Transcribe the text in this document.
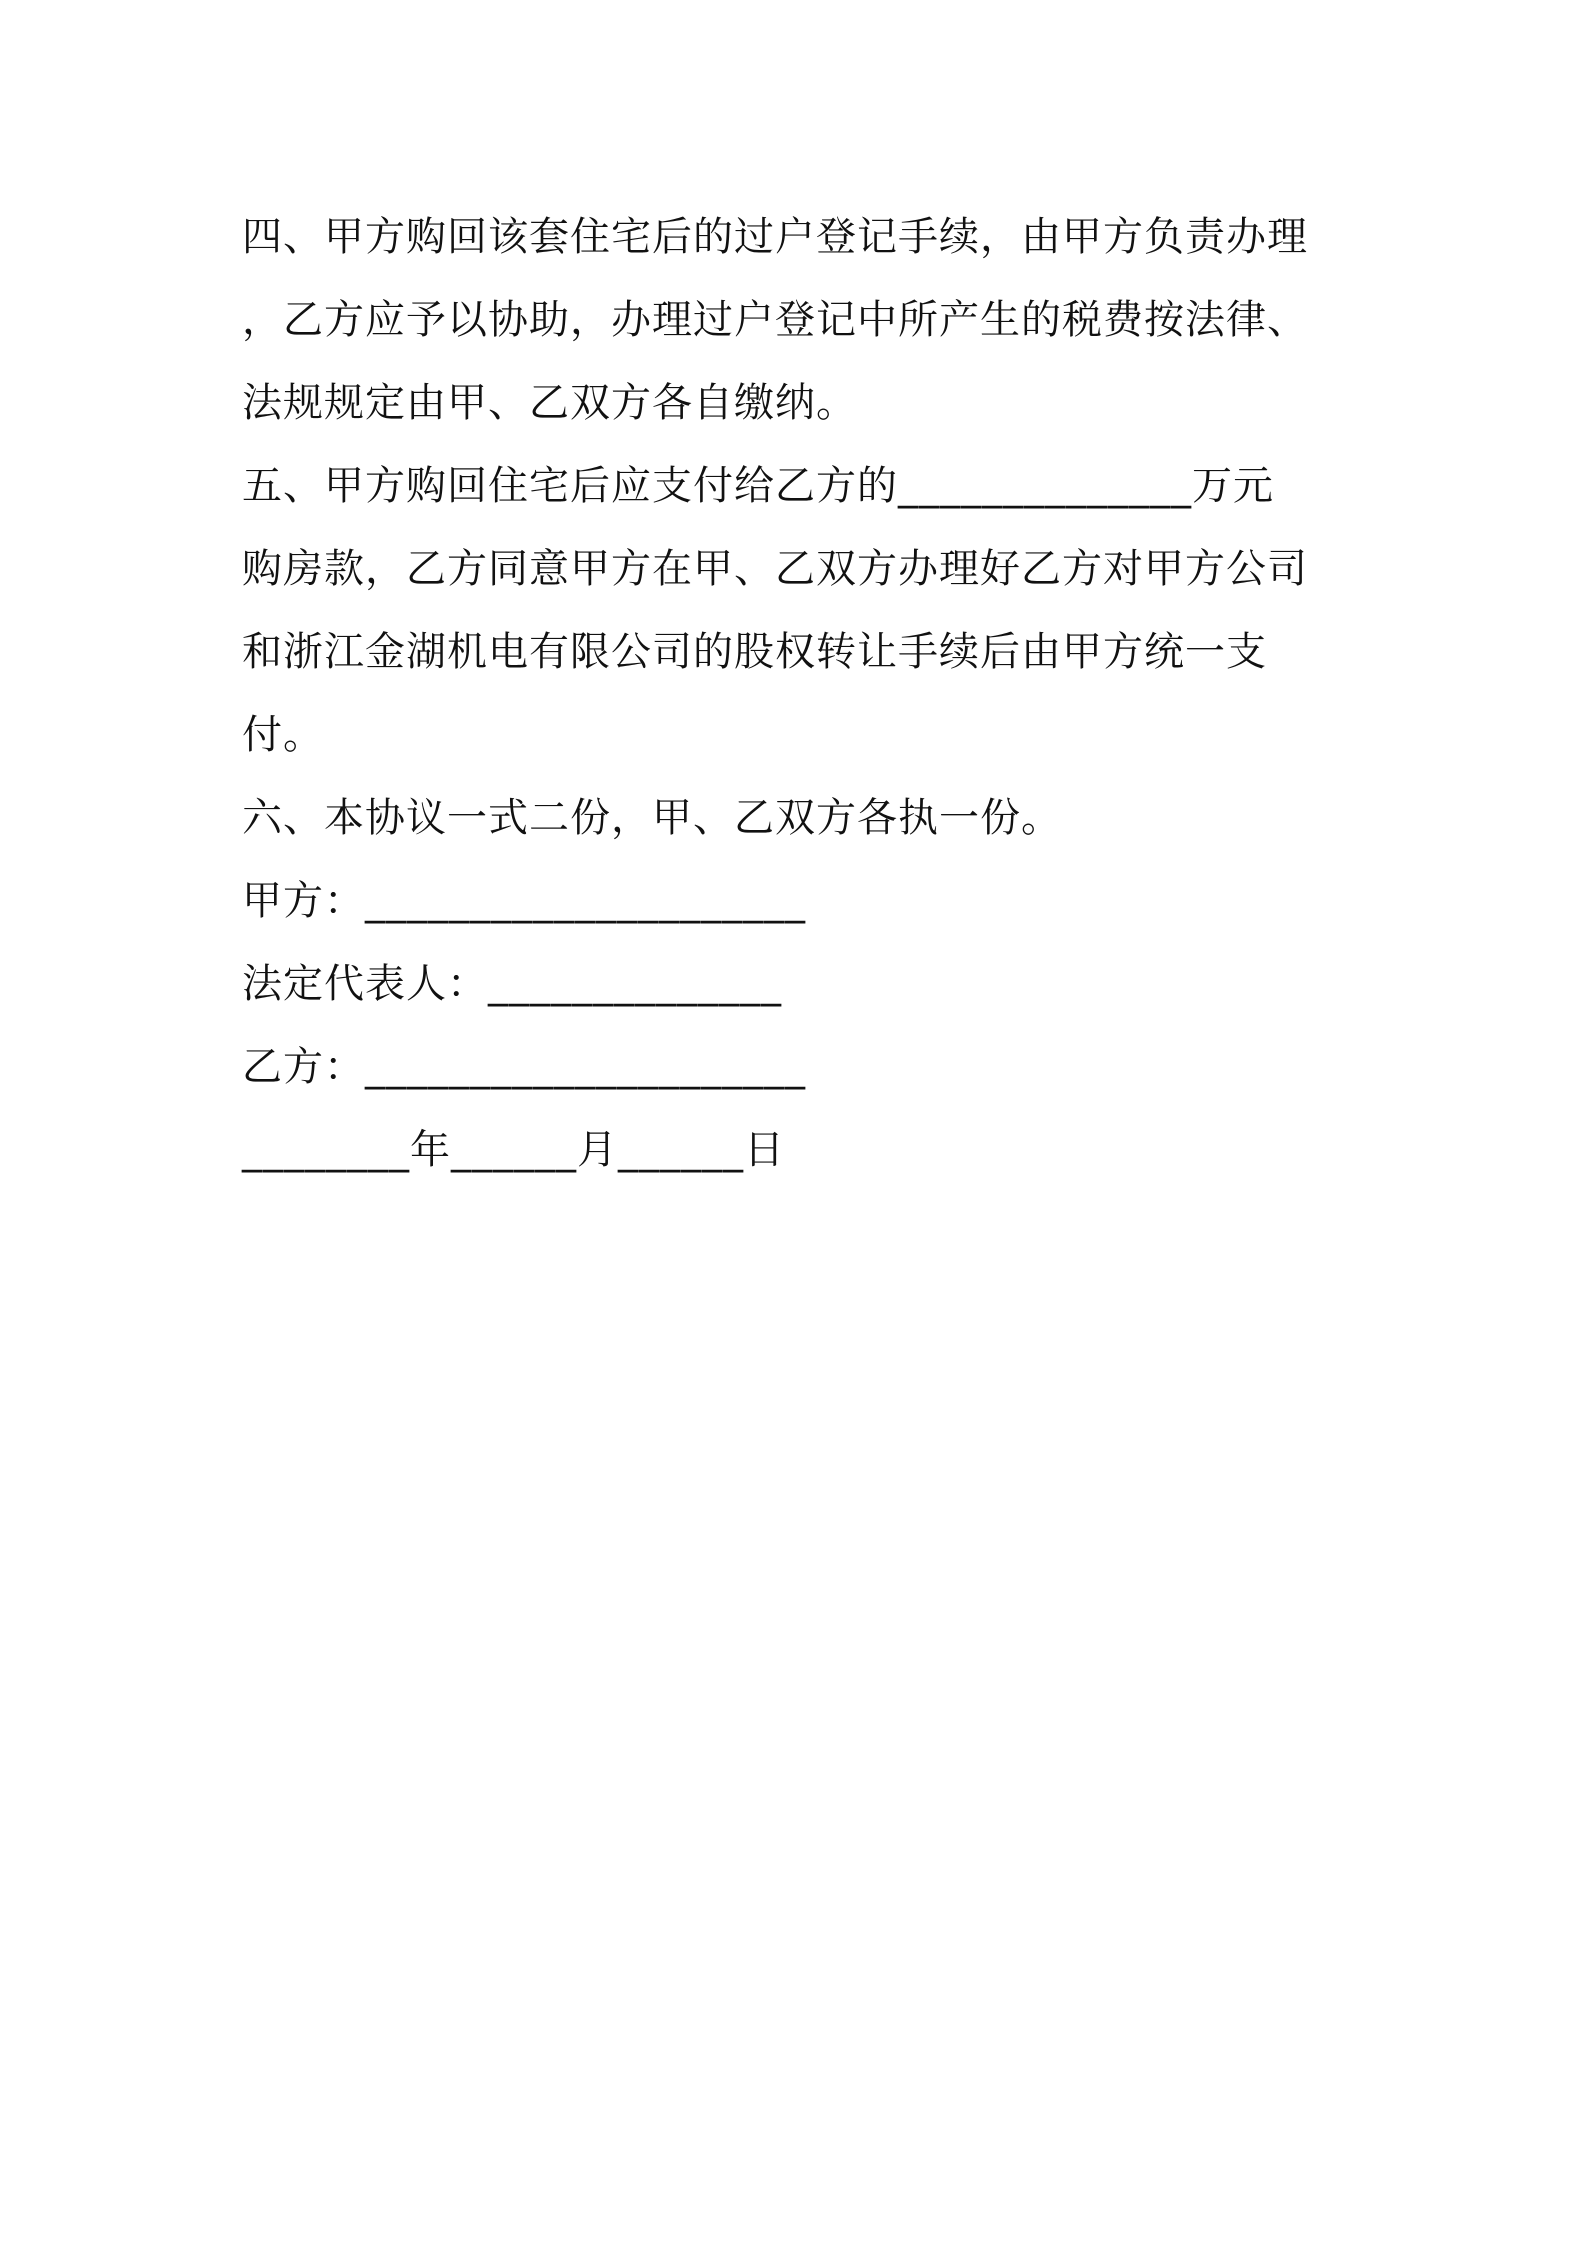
四、甲方购回该套住宅后的过户登记手续，由甲方负责办理
，乙方应予以协助，办理过户登记中所产生的税费按法律、
法规规定由甲、乙双方各自缴纳。
五、甲方购回住宅后应支付给乙方的______________万元
购房款，乙方同意甲方在甲、乙双方办理好乙方对甲方公司
和浙江金湖机电有限公司的股权转让手续后由甲方统一支
付。
六、本协议一式二份，甲、乙双方各执一份。
甲方：_____________________
法定代表人：______________
乙方：_____________________
________年______月______日
